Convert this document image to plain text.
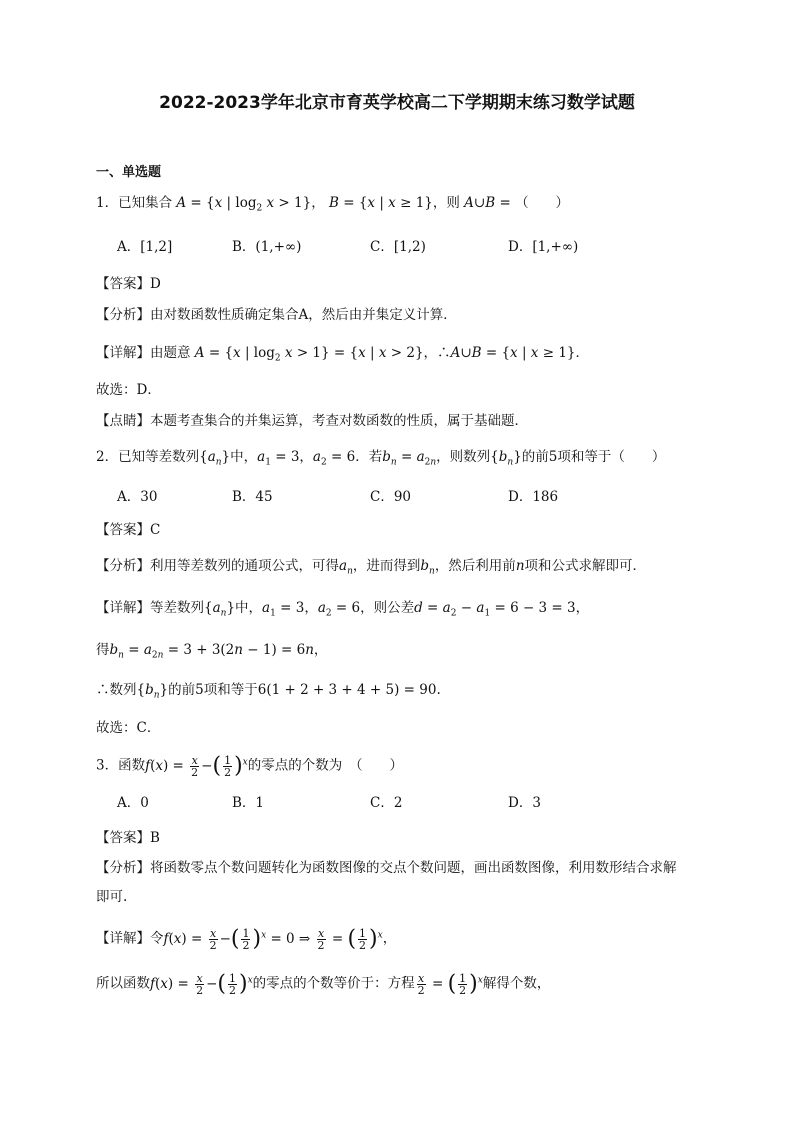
2022-2023学年北京市育英学校高二下学期期末练习数学试题
一、单选题
1．已知集合 A = {x | $\log_2 x > 1$}， B = {x | x ≥ 1}，则 A∪B = （　　）
A．[1,2]	B．(1,+∞)	C．[1,2)	D．[1,+∞)
【答案】D
【分析】由对数函数性质确定集合A，然后由并集定义计算．
【详解】由题意 A = {x | $\log_2 x > 1\} = \{x$ | x > 2}，∴A∪B = {x | x ≥ 1}．
故选：D．
【点睛】本题考查集合的并集运算，考查对数函数的性质，属于基础题．
2．已知等差数列$\{a_n\}$中，$a_1 = 3$，$a_2 = 6$．若$b_n = a_{2n}$，则数列$\{b_n\}$的前5项和等于（　　）
A．30	B．45	C．90	D．186
【答案】C
【分析】利用等差数列的通项公式，可得$a_n$，进而得到$b_n$，然后利用前n项和公式求解即可．
【详解】等差数列$\{a_n\}$中，$a_1 = 3$，$a_2 = 6$，则公差$d = a_2 - a_1 = 6 - 3 = 3$，
得$b_n = a_{2n} = 3 + 3(2n - 1) = 6n$，
∴数列$\{b_n\}$的前5项和等于6(1 + 2 + 3 + 4 + 5) = 90.
故选：C．
3．函数$f(x) = \frac{x}{2}$ −( $\frac{1}{2} )^x$的零点的个数为　（　　）
A．0	B．1	C．2	D．3
【答案】B
【分析】将函数零点个数问题转化为函数图像的交点个数问题，画出函数图像，利用数形结合求解
即可.
【详解】令$f(x) = \frac{x}{2}$ −( $\frac{1}{2} )^x = 0$ ⇒ $\frac{x}{2}$ = ( $\frac{1}{2} )^x$，
所以函数$f(x) = \frac{x}{2}$ −( $\frac{1}{2} )^x$的零点的个数等价于：方程 $\frac{x}{2}$ = ( $\frac{1}{2} )^x$解得个数，
